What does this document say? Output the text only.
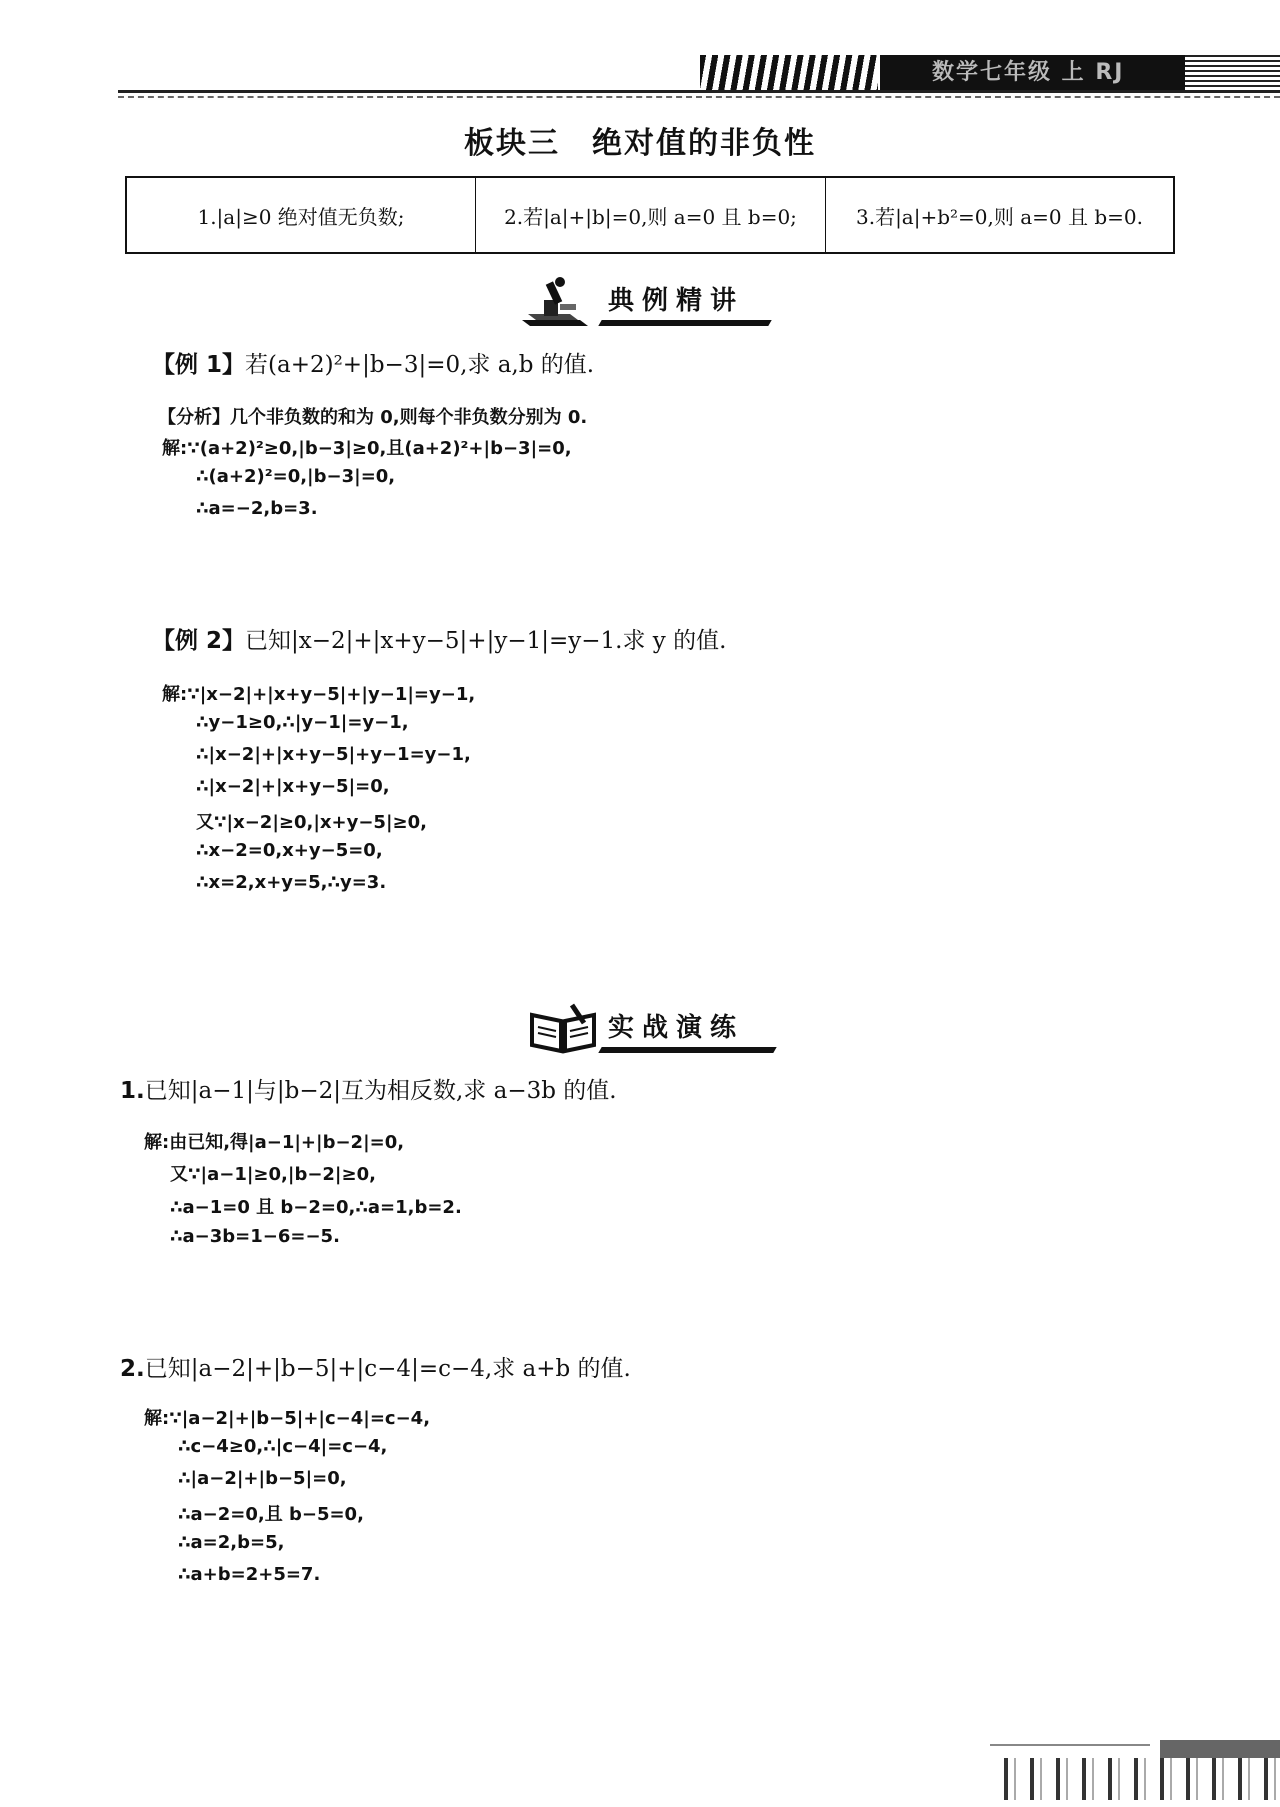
数学七年级 上 RJ
板块三　绝对值的非负性
1.|a|≥0 绝对值无负数;	2.若|a|+|b|=0,则 a=0 且 b=0;	3.若|a|+b²=0,则 a=0 且 b=0.
典例精讲
【例 1】若(a+2)²+|b−3|=0,求 a,b 的值.
【分析】几个非负数的和为 0,则每个非负数分别为 0.
解:∵(a+2)²≥0,|b−3|≥0,且(a+2)²+|b−3|=0,
∴(a+2)²=0,|b−3|=0,
∴a=−2,b=3.
【例 2】已知|x−2|+|x+y−5|+|y−1|=y−1.求 y 的值.
解:∵|x−2|+|x+y−5|+|y−1|=y−1,
∴y−1≥0,∴|y−1|=y−1,
∴|x−2|+|x+y−5|+y−1=y−1,
∴|x−2|+|x+y−5|=0,
又∵|x−2|≥0,|x+y−5|≥0,
∴x−2=0,x+y−5=0,
∴x=2,x+y=5,∴y=3.
实战演练
1.已知|a−1|与|b−2|互为相反数,求 a−3b 的值.
解:由已知,得|a−1|+|b−2|=0,
又∵|a−1|≥0,|b−2|≥0,
∴a−1=0 且 b−2=0,∴a=1,b=2.
∴a−3b=1−6=−5.
2.已知|a−2|+|b−5|+|c−4|=c−4,求 a+b 的值.
解:∵|a−2|+|b−5|+|c−4|=c−4,
∴c−4≥0,∴|c−4|=c−4,
∴|a−2|+|b−5|=0,
∴a−2=0,且 b−5=0,
∴a=2,b=5,
∴a+b=2+5=7.
